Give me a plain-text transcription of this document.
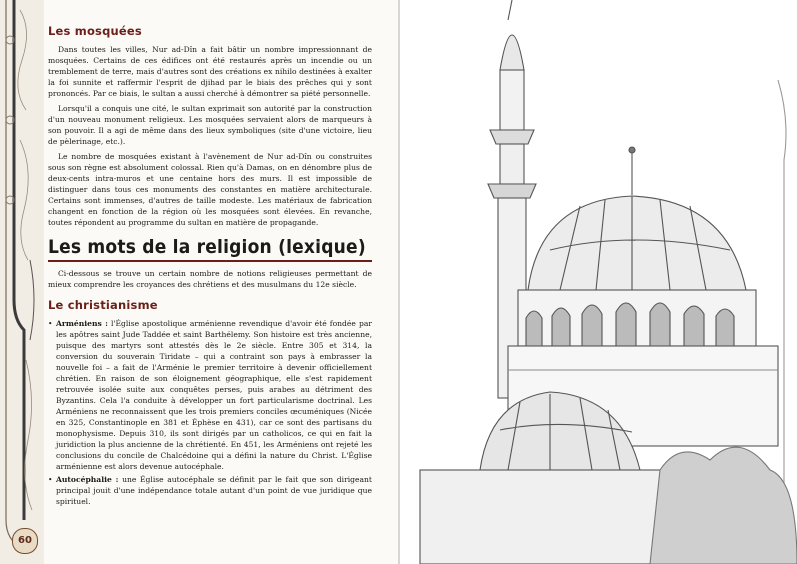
60
Les mosquées

Dans toutes les villes, Nur ad-Dîn a fait bâtir un nombre impressionnant de mosquées. Certains de ces édifices ont été restaurés après un incendie ou un tremblement de terre, mais d'autres sont des créations ex nihilo destinées à exalter la foi sunnite et raffermir l'esprit de djihad par le biais des prêches qui y sont prononcés. Par ce biais, le sultan a aussi cherché à démontrer sa piété personnelle.

Lorsqu'il a conquis une cité, le sultan exprimait son autorité par la construction d'un nouveau monument religieux. Les mosquées servaient alors de marqueurs à son pouvoir. Il a agi de même dans des lieux symboliques (site d'une victoire, lieu de pèlerinage, etc.).

Le nombre de mosquées existant à l'avènement de Nur ad-Dîn ou construites sous son règne est absolument colossal. Rien qu'à Damas, on en dénombre plus de deux-cents intra-muros et une centaine hors des murs. Il est impossible de distinguer dans tous ces monuments des constantes en matière architecturale. Certains sont immenses, d'autres de taille modeste. Les matériaux de fabrication changent en fonction de la région où les mosquées sont élevées. En revanche, toutes répondent au programme du sultan en matière de propagande.

Les mots de la religion (lexique)

Ci-dessous se trouve un certain nombre de notions religieuses permettant de mieux comprendre les croyances des chrétiens et des musulmans du 12e siècle.

Le christianisme
• Arméniens : l'Église apostolique arménienne revendique d'avoir été fondée par les apôtres saint Jude Taddée et saint Barthélemy. Son histoire est très ancienne, puisque des martyrs sont attestés dès le 2e siècle. Entre 305 et 314, la conversion du souverain Tiridate – qui a contraint son pays à embrasser la nouvelle foi – a fait de l'Arménie le premier territoire à devenir officiellement chrétien. En raison de son éloignement géographique, elle s'est rapidement retrouvée isolée suite aux conquêtes perses, puis arabes au détriment des Byzantins. Cela l'a conduite à développer un fort particularisme doctrinal. Les Arméniens ne reconnaissent que les trois premiers conciles œcuméniques (Nicée en 325, Constantinople en 381 et Éphèse en 431), car ce sont des partisans du monophysisme. Depuis 310, ils sont dirigés par un catholicos, ce qui en fait la juridiction la plus ancienne de la chrétienté. En 451, les Arméniens ont rejeté les conclusions du concile de Chalcédoine qui a défini la nature du Christ. L'Église arménienne est alors devenue autocéphale.
• Autocéphalie : une Église autocéphale se définit par le fait que son dirigeant principal jouit d'une indépendance totale autant d'un point de vue juridique que spirituel.
